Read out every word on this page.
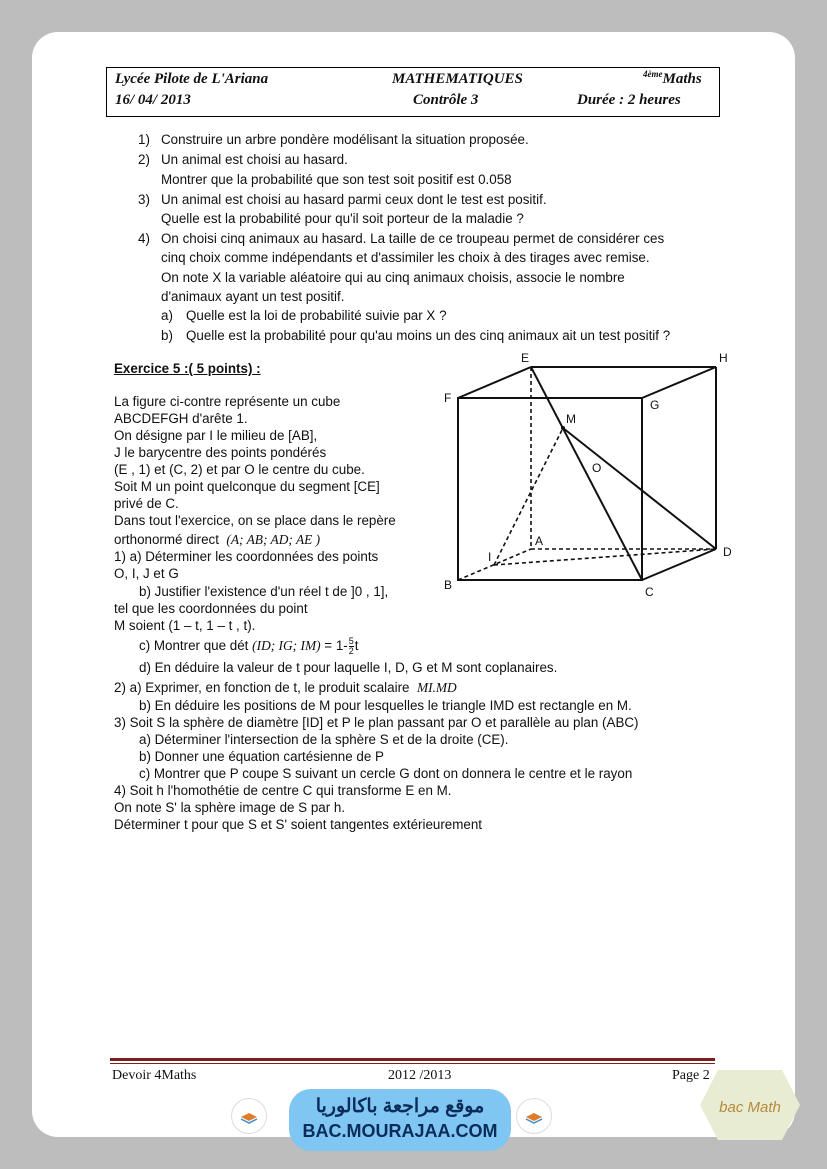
Lycée Pilote de L'Ariana	MATHEMATIQUES	$^{4ème}$Maths
16/ 04/ 2013	Contrôle 3	Durée : 2 heures
1) Construire un arbre pondère modélisant la situation proposée.
2) Un animal est choisi au hasard.
Montrer que la probabilité que son test soit positif est 0.058
3) Un animal est choisi au hasard parmi ceux dont le test est positif.
Quelle est la probabilité pour qu'il soit porteur de la maladie ?
4) On choisi cinq animaux au hasard. La taille de ce troupeau permet de considérer ces
cinq choix comme indépendants et d'assimiler les choix à des tirages avec remise.
On note X la variable aléatoire qui au cinq animaux choisis, associe le nombre
d'animaux ayant un test positif.
a) Quelle est la loi de probabilité suivie par X ?
b) Quelle est la probabilité pour qu'au moins un des cinq animaux ait un test positif ?
Exercice 5 :( 5 points) :
La figure ci-contre représente un cube
ABCDEFGH d'arête 1.
On désigne par I le milieu de [AB],
J le barycentre des points pondérés
(E , 1) et (C, 2) et par O le centre du cube.
Soit M un point quelconque du segment [CE]
privé de C.
Dans tout l'exercice, on se place dans le repère
orthonormé direct (A; AB; AD; AE )
1) a) Déterminer les coordonnées des points
O, I, J et G
b) Justifier l'existence d'un réel t de ]0 , 1],
tel que les coordonnées du point
M soient (1 – t, 1 – t , t).
c) Montrer que dét (ID; IG; $IM) = 1- \frac{5}{2}$ t
d) En déduire la valeur de t pour laquelle I, D, G et M sont coplanaires.
2) a) Exprimer, en fonction de t, le produit scalaire MI.MD
b) En déduire les positions de M pour lesquelles le triangle IMD est rectangle en M.
3) Soit S la sphère de diamètre [ID] et P le plan passant par O et parallèle au plan (ABC)
a) Déterminer l'intersection de la sphère S et de la droite (CE).
b) Donner une équation cartésienne de P
c) Montrer que P coupe S suivant un cercle G dont on donnera le centre et le rayon
4) Soit h l'homothétie de centre C qui transforme E en M.
On note S' la sphère image de S par h.
Déterminer t pour que S et S' soient tangentes extérieurement
E	H
F	G
M
O
A
I	D
B	C
Devoir 4Maths	2012 /2013	Page 2
موقع مراجعة باكالوريا
BAC.MOURAJAA.COM
bac Math
